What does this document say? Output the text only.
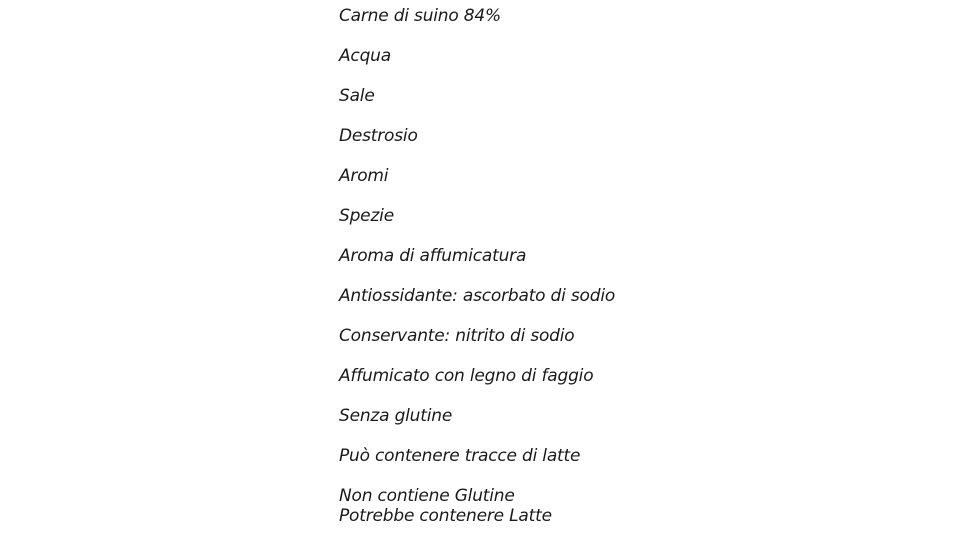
Carne di suino 84%
Acqua
Sale
Destrosio
Aromi
Spezie
Aroma di affumicatura
Antiossidante: ascorbato di sodio
Conservante: nitrito di sodio
Affumicato con legno di faggio
Senza glutine
Può contenere tracce di latte
Non contiene Glutine
Potrebbe contenere Latte
